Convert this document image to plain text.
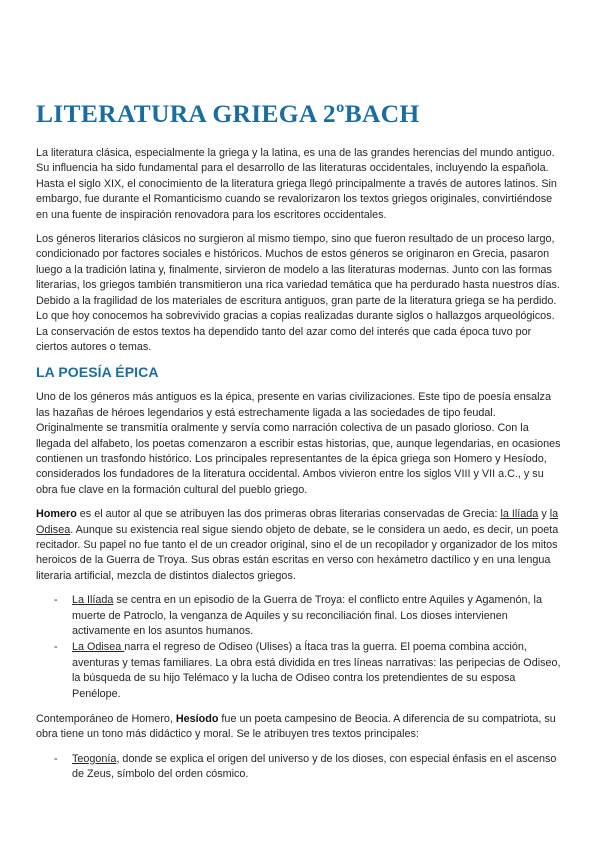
LITERATURA GRIEGA 2ºBACH

La literatura clásica, especialmente la griega y la latina, es una de las grandes herencias del mundo antiguo. Su influencia ha sido fundamental para el desarrollo de las literaturas occidentales, incluyendo la española. Hasta el siglo XIX, el conocimiento de la literatura griega llegó principalmente a través de autores latinos. Sin embargo, fue durante el Romanticismo cuando se revalorizaron los textos griegos originales, convirtiéndose en una fuente de inspiración renovadora para los escritores occidentales.

Los géneros literarios clásicos no surgieron al mismo tiempo, sino que fueron resultado de un proceso largo, condicionado por factores sociales e históricos. Muchos de estos géneros se originaron en Grecia, pasaron luego a la tradición latina y, finalmente, sirvieron de modelo a las literaturas modernas. Junto con las formas literarias, los griegos también transmitieron una rica variedad temática que ha perdurado hasta nuestros días. Debido a la fragilidad de los materiales de escritura antiguos, gran parte de la literatura griega se ha perdido. Lo que hoy conocemos ha sobrevivido gracias a copias realizadas durante siglos o hallazgos arqueológicos. La conservación de estos textos ha dependido tanto del azar como del interés que cada época tuvo por ciertos autores o temas.

LA POESÍA ÉPICA

Uno de los géneros más antiguos es la épica, presente en varias civilizaciones. Este tipo de poesía ensalza las hazañas de héroes legendarios y está estrechamente ligada a las sociedades de tipo feudal. Originalmente se transmitía oralmente y servía como narración colectiva de un pasado glorioso. Con la llegada del alfabeto, los poetas comenzaron a escribir estas historias, que, aunque legendarias, en ocasiones contienen un trasfondo histórico. Los principales representantes de la épica griega son Homero y Hesíodo, considerados los fundadores de la literatura occidental. Ambos vivieron entre los siglos VIII y VII a.C., y su obra fue clave en la formación cultural del pueblo griego.

Homero es el autor al que se atribuyen las dos primeras obras literarias conservadas de Grecia: la Ilíada y la Odisea. Aunque su existencia real sigue siendo objeto de debate, se le considera un aedo, es decir, un poeta recitador. Su papel no fue tanto el de un creador original, sino el de un recopilador y organizador de los mitos heroicos de la Guerra de Troya. Sus obras están escritas en verso con hexámetro dactílico y en una lengua literaria artificial, mezcla de distintos dialectos griegos.

- La Ilíada se centra en un episodio de la Guerra de Troya: el conflicto entre Aquiles y Agamenón, la muerte de Patroclo, la venganza de Aquiles y su reconciliación final. Los dioses intervienen activamente en los asuntos humanos.
- La Odisea narra el regreso de Odiseo (Ulises) a Ítaca tras la guerra. El poema combina acción, aventuras y temas familiares. La obra está dividida en tres líneas narrativas: las peripecias de Odiseo, la búsqueda de su hijo Telémaco y la lucha de Odiseo contra los pretendientes de su esposa Penélope.

Contemporáneo de Homero, Hesíodo fue un poeta campesino de Beocia. A diferencia de su compatriota, su obra tiene un tono más didáctico y moral. Se le atribuyen tres textos principales:

- Teogonía, donde se explica el origen del universo y de los dioses, con especial énfasis en el ascenso de Zeus, símbolo del orden cósmico.
